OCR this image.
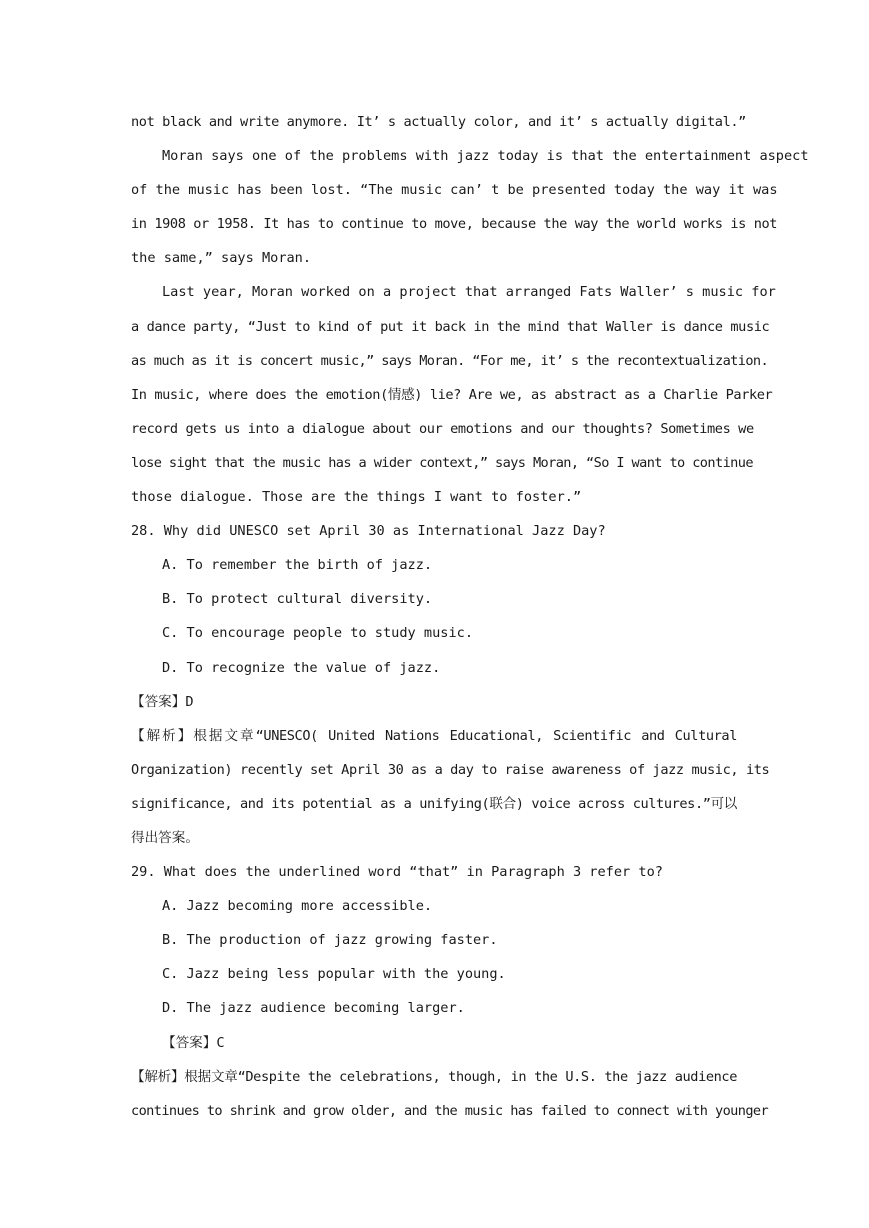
not black and write anymore. It’ s actually color, and it’ s actually digital.”
Moran says one of the problems with jazz today is that the entertainment aspect
of the music has been lost. “The music can’ t be presented today the way it was
in 1908 or 1958. It has to continue to move, because the way the world works is not
the same,” says Moran.
Last year, Moran worked on a project that arranged Fats Waller’ s music for
a dance party, “Just to kind of put it back in the mind that Waller is dance music
as much as it is concert music,” says Moran. “For me, it’ s the recontextualization.
In music, where does the emotion(情感) lie? Are we, as abstract as a Charlie Parker
record gets us into a dialogue about our emotions and our thoughts? Sometimes we
lose sight that the music has a wider context,” says Moran, “So I want to continue
those dialogue. Those are the things I want to foster.”
28. Why did UNESCO set April 30 as International Jazz Day?
A. To remember the birth of jazz.
B. To protect cultural diversity.
C. To encourage people to study music.
D. To recognize the value of jazz.
【答案】D
【解析】根据文章“UNESCO( United Nations Educational, Scientific and Cultural
Organization) recently set April 30 as a day to raise awareness of jazz music, its
significance, and its potential as a unifying(联合) voice across cultures.”可以
得出答案。
29. What does the underlined word “that” in Paragraph 3 refer to?
A. Jazz becoming more accessible.
B. The production of jazz growing faster.
C. Jazz being less popular with the young.
D. The jazz audience becoming larger.
【答案】C
【解析】根据文章“Despite the celebrations, though, in the U.S. the jazz audience
continues to shrink and grow older, and the music has failed to connect with younger
